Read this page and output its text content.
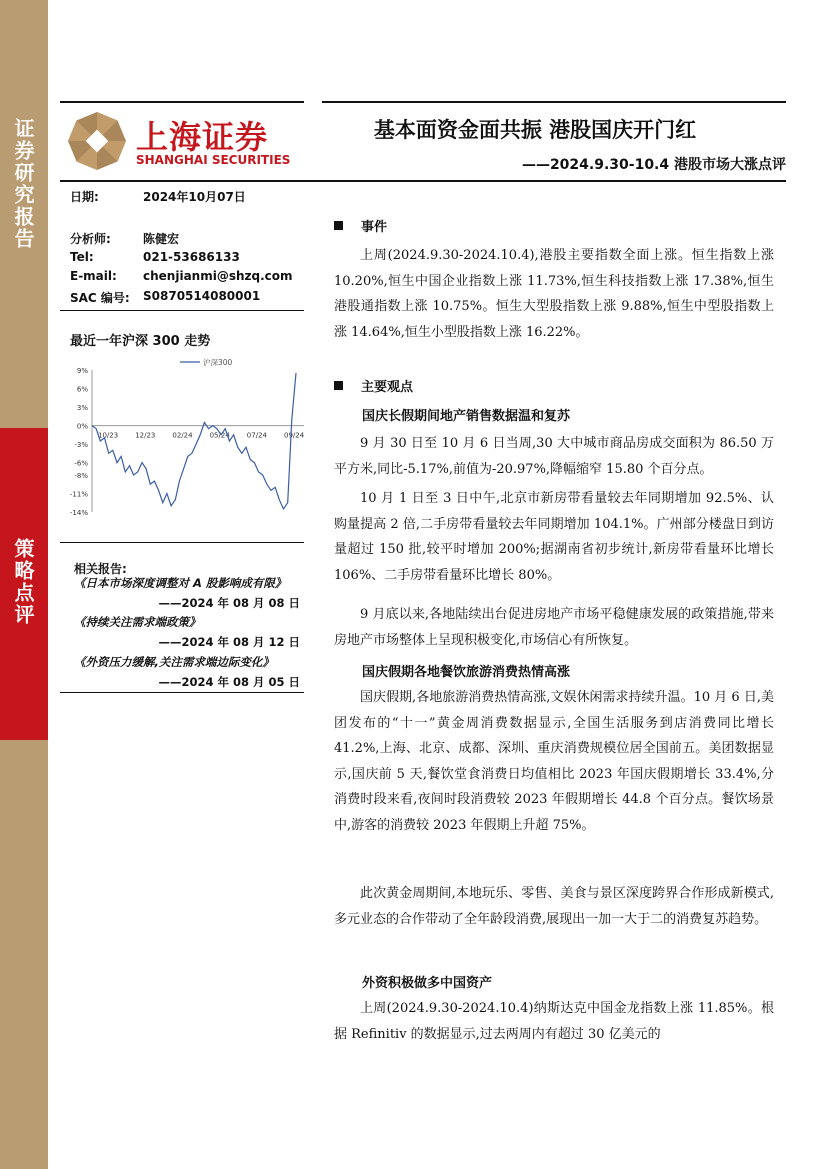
证券研究报告
策略点评
上海证券
SHANGHAI SECURITIES
基本面资金面共振 港股国庆开门红
——2024.9.30-10.4 港股市场大涨点评
日期:	2024年10月07日
分析师:	陈健宏
Tel:	021-53686133
E-mail: chenjianmi@shzq.com
SAC 编号: S0870514080001
最近一年沪深 300 走势
9%
6%
3%
0%
-3%
-6%
-8%
-11%
-14%
10/23 12/23 02/24 05/24 07/24 09/24
沪深300
相关报告:
《日本市场深度调整对 A 股影响成有限》
——2024 年 08 月 08 日
《持续关注需求端政策》
——2024 年 08 月 12 日
《外资压力缓解,关注需求端边际变化》
——2024 年 08 月 05 日
事件

上周(2024.9.30-2024.10.4),港股主要指数全面上涨。恒生指数上涨 10.20%,恒生中国企业指数上涨 11.73%,恒生科技指数上涨 17.38%,恒生港股通指数上涨 10.75%。恒生大型股指数上涨 9.88%,恒生中型股指数上涨 14.64%,恒生小型股指数上涨 16.22%。

主要观点
国庆长假期间地产销售数据温和复苏

9 月 30 日至 10 月 6 日当周,30 大中城市商品房成交面积为 86.50 万平方米,同比-5.17%,前值为-20.97%,降幅缩窄 15.80 个百分点。

10 月 1 日至 3 日中午,北京市新房带看量较去年同期增加 92.5%、认购量提高 2 倍,二手房带看量较去年同期增加 104.1%。广州部分楼盘日到访量超过 150 批,较平时增加 200%;据湖南省初步统计,新房带看量环比增长 106%、二手房带看量环比增长 80%。

9 月底以来,各地陆续出台促进房地产市场平稳健康发展的政策措施,带来房地产市场整体上呈现积极变化,市场信心有所恢复。

国庆假期各地餐饮旅游消费热情高涨

国庆假期,各地旅游消费热情高涨,文娱休闲需求持续升温。10 月 6 日,美团发布的“十一”黄金周消费数据显示,全国生活服务到店消费同比增长 41.2%,上海、北京、成都、深圳、重庆消费规模位居全国前五。美团数据显示,国庆前 5 天,餐饮堂食消费日均值相比 2023 年国庆假期增长 33.4%,分消费时段来看,夜间时段消费较 2023 年假期增长 44.8 个百分点。餐饮场景中,游客的消费较 2023 年假期上升超 75%。

此次黄金周期间,本地玩乐、零售、美食与景区深度跨界合作形成新模式,多元业态的合作带动了全年龄段消费,展现出一加一大于二的消费复苏趋势。

外资积极做多中国资产

上周(2024.9.30-2024.10.4)纳斯达克中国金龙指数上涨 11.85%。根据 Refinitiv 的数据显示,过去两周内有超过 30 亿美元的
